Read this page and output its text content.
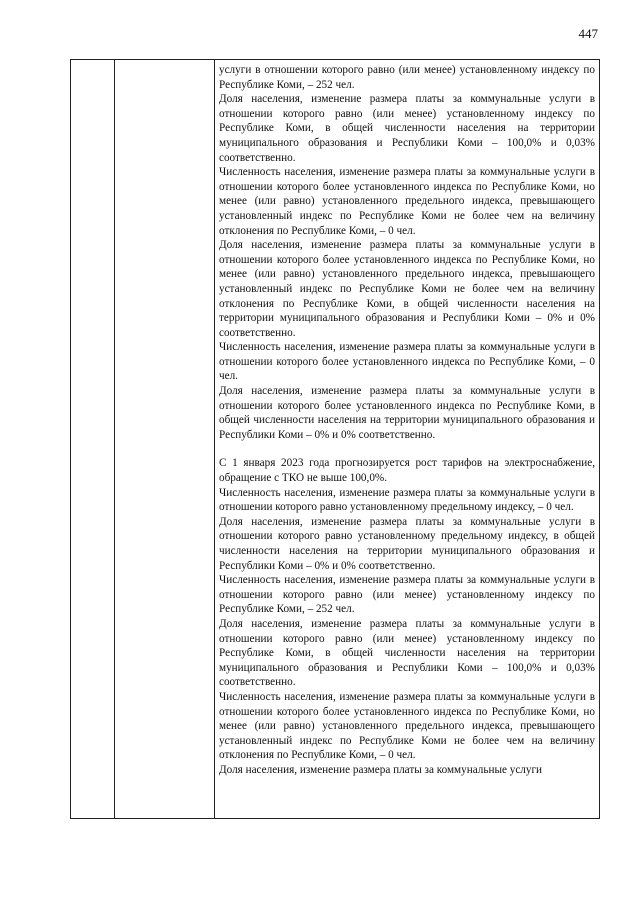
447

услуги в отношении которого равно (или менее) установленному индексу по Республике Коми, – 252 чел.

Доля населения, изменение размера платы за коммунальные услуги в отношении которого равно (или менее) установленному индексу по Республике Коми, в общей численности населения на территории муниципального образования и Республики Коми – 100,0% и 0,03% соответственно.

Численность населения, изменение размера платы за коммунальные услуги в отношении которого более установленного индекса по Республике Коми, но менее (или равно) установленного предельного индекса, превышающего установленный индекс по Республике Коми не более чем на величину отклонения по Республике Коми, – 0 чел.

Доля населения, изменение размера платы за коммунальные услуги в отношении которого более установленного индекса по Республике Коми, но менее (или равно) установленного предельного индекса, превышающего установленный индекс по Республике Коми не более чем на величину отклонения по Республике Коми, в общей численности населения на территории муниципального образования и Республики Коми – 0% и 0% соответственно.

Численность населения, изменение размера платы за коммунальные услуги в отношении которого более установленного индекса по Республике Коми, – 0 чел.

Доля населения, изменение размера платы за коммунальные услуги в отношении которого более установленного индекса по Республике Коми, в общей численности населения на территории муниципального образования и Республики Коми – 0% и 0% соответственно.

С 1 января 2023 года прогнозируется рост тарифов на электроснабжение, обращение с ТКО не выше 100,0%.

Численность населения, изменение размера платы за коммунальные услуги в отношении которого равно установленному предельному индексу, – 0 чел.

Доля населения, изменение размера платы за коммунальные услуги в отношении которого равно установленному предельному индексу, в общей численности населения на территории муниципального образования и Республики Коми – 0% и 0% соответственно.

Численность населения, изменение размера платы за коммунальные услуги в отношении которого равно (или менее) установленному индексу по Республике Коми, – 252 чел.

Доля населения, изменение размера платы за коммунальные услуги в отношении которого равно (или менее) установленному индексу по Республике Коми, в общей численности населения на территории муниципального образования и Республики Коми – 100,0% и 0,03% соответственно.

Численность населения, изменение размера платы за коммунальные услуги в отношении которого более установленного индекса по Республике Коми, но менее (или равно) установленного предельного индекса, превышающего установленный индекс по Республике Коми не более чем на величину отклонения по Республике Коми, – 0 чел.

Доля населения, изменение размера платы за коммунальные услуги
